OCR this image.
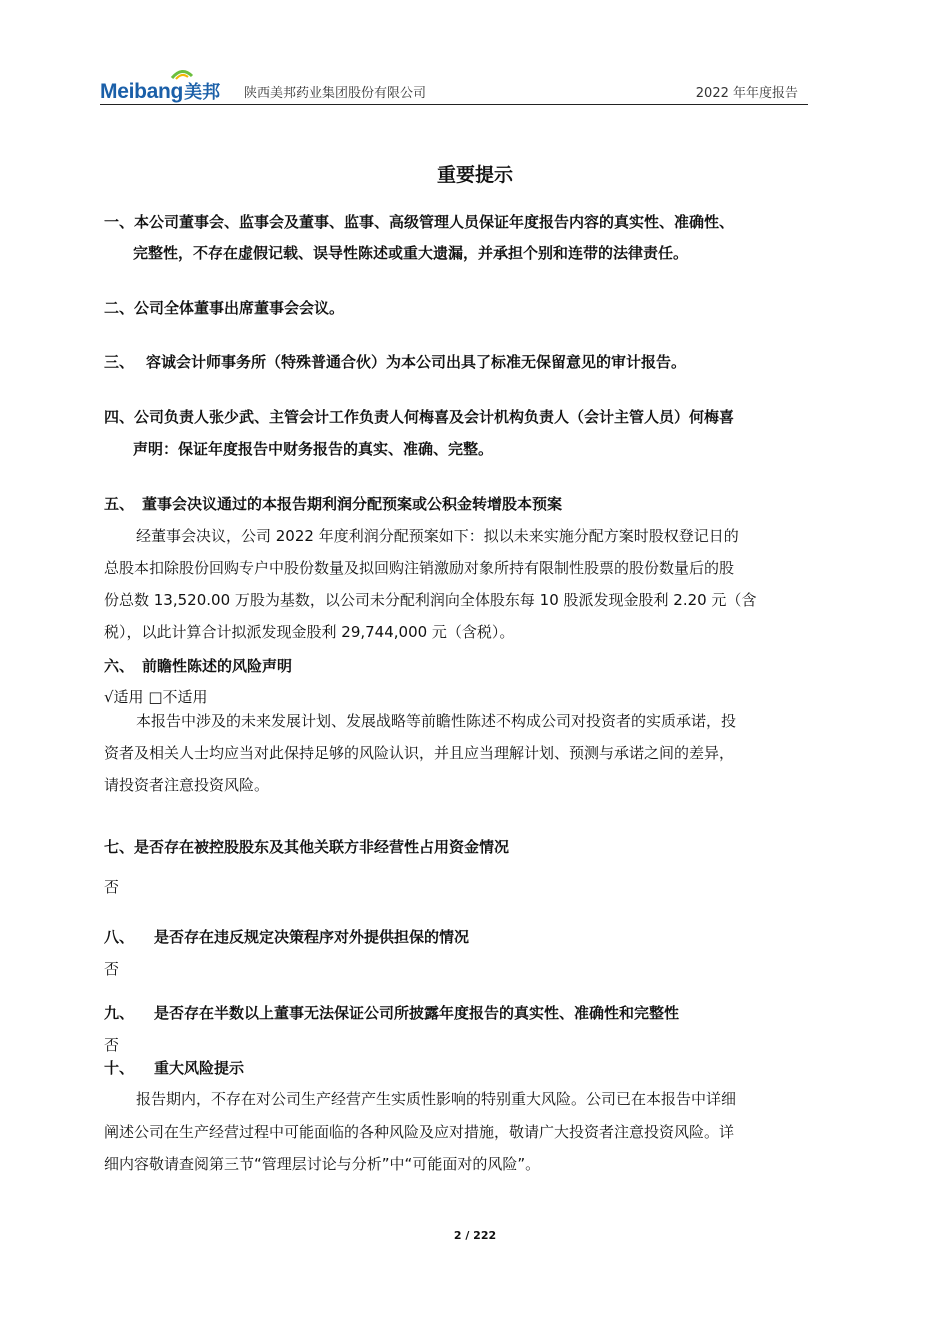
Meibang 美邦 陕西美邦药业集团股份有限公司	2022 年年度报告
重要提示
一、本公司董事会、监事会及董事、监事、高级管理人员保证年度报告内容的真实性、准确性、
完整性，不存在虚假记载、误导性陈述或重大遗漏，并承担个别和连带的法律责任。
二、公司全体董事出席董事会会议。
三、 容诚会计师事务所（特殊普通合伙）为本公司出具了标准无保留意见的审计报告。
四、公司负责人张少武、主管会计工作负责人何梅喜及会计机构负责人（会计主管人员）何梅喜
声明：保证年度报告中财务报告的真实、准确、完整。
五、 董事会决议通过的本报告期利润分配预案或公积金转增股本预案
经董事会决议，公司 2022 年度利润分配预案如下：拟以未来实施分配方案时股权登记日的
总股本扣除股份回购专户中股份数量及拟回购注销激励对象所持有限制性股票的股份数量后的股
份总数 13,520.00 万股为基数，以公司未分配利润向全体股东每 10 股派发现金股利 2.20 元（含
税），以此计算合计拟派发现金股利 29,744,000 元（含税）。
六、 前瞻性陈述的风险声明
√适用 □不适用
本报告中涉及的未来发展计划、发展战略等前瞻性陈述不构成公司对投资者的实质承诺，投
资者及相关人士均应当对此保持足够的风险认识，并且应当理解计划、预测与承诺之间的差异，
请投资者注意投资风险。
七、是否存在被控股股东及其他关联方非经营性占用资金情况
否
八、 是否存在违反规定决策程序对外提供担保的情况
否
九、 是否存在半数以上董事无法保证公司所披露年度报告的真实性、准确性和完整性
否
十、 重大风险提示
报告期内，不存在对公司生产经营产生实质性影响的特别重大风险。公司已在本报告中详细
阐述公司在生产经营过程中可能面临的各种风险及应对措施，敬请广大投资者注意投资风险。详
细内容敬请查阅第三节“管理层讨论与分析”中“可能面对的风险”。
2 / 222
